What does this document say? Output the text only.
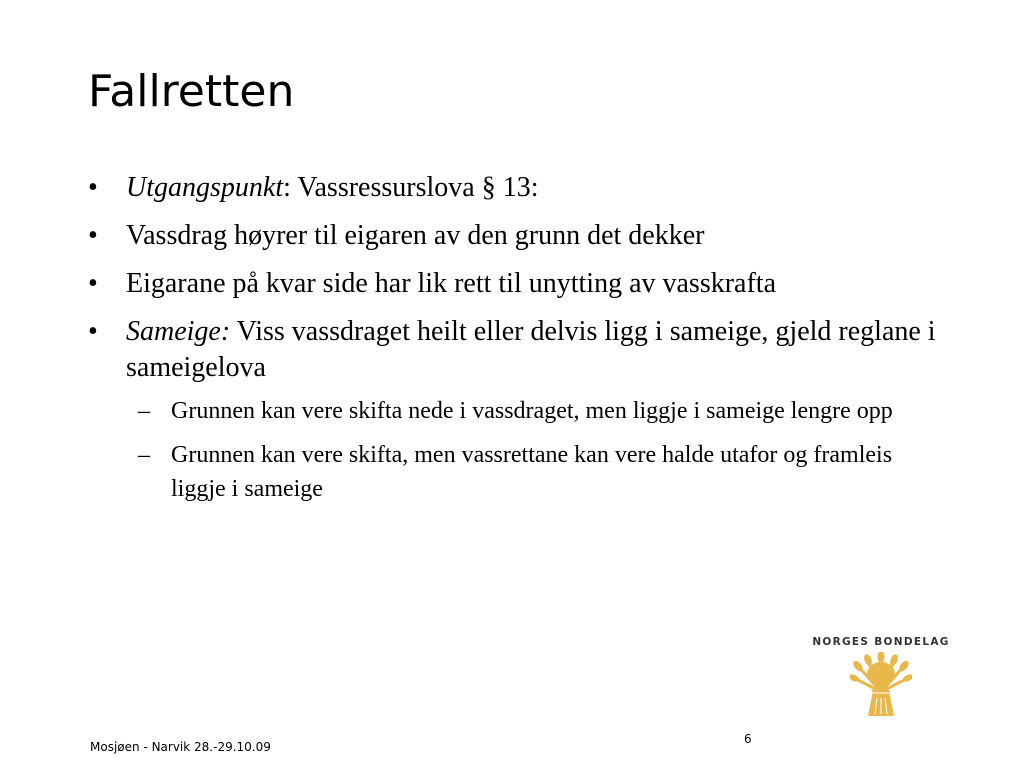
Fallretten
• Utgangspunkt: Vassressurslova § 13:
• Vassdrag høyrer til eigaren av den grunn det dekker
• Eigarane på kvar side har lik rett til unytting av vasskrafta
• Sameige: Viss vassdraget heilt eller delvis ligg i sameige, gjeld reglane i sameigelova
– Grunnen kan vere skifta nede i vassdraget, men liggje i sameige lengre opp
– Grunnen kan vere skifta, men vassrettane kan vere halde utafor og framleis liggje i sameige
NORGES BONDELAG
Mosjøen - Narvik 28.-29.10.09
6
